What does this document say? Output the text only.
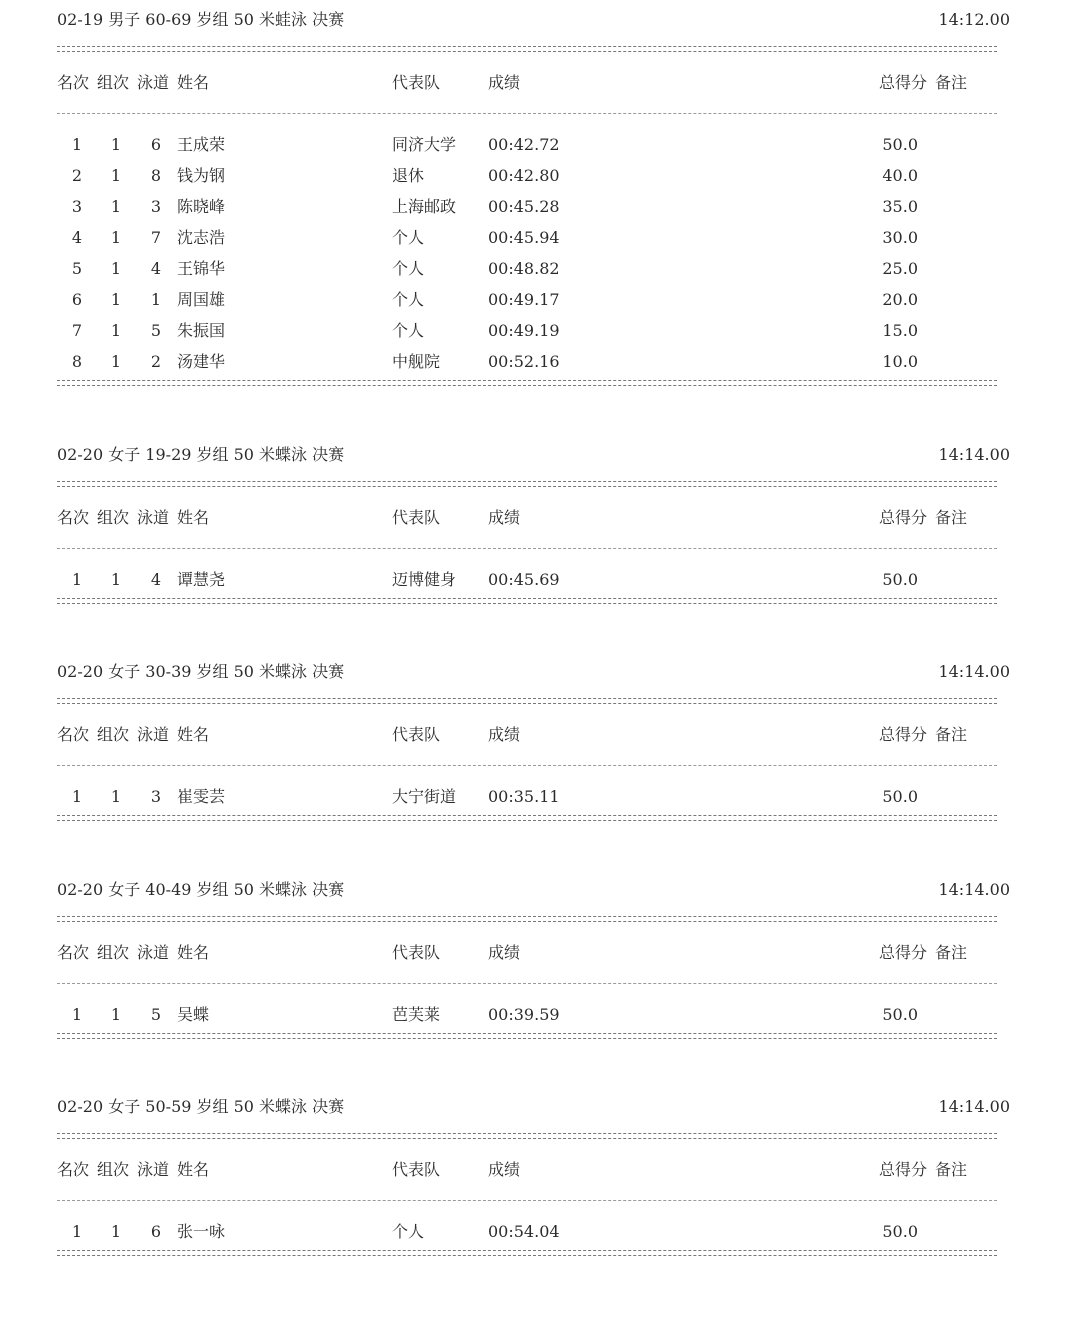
02-19 男子 60-69 岁组 50 米蛙泳 决赛	14:12.00
名次 组次 泳道 姓名	代表队	成绩	总得分 备注
1	1	6 王成荣	同济大学 00:42.72	50.0
2	1	8 钱为钢	退休	00:42.80	40.0
3	1	3 陈晓峰	上海邮政 00:45.28	35.0
4	1	7 沈志浩	个人	00:45.94	30.0
5	1	4 王锦华	个人	00:48.82	25.0
6	1	1 周国雄	个人	00:49.17	20.0
7	1	5 朱振国	个人	00:49.19	15.0
8	1	2 汤建华	中舰院	00:52.16	10.0
02-20 女子 19-29 岁组 50 米蝶泳 决赛	14:14.00
名次 组次 泳道 姓名	代表队	成绩	总得分 备注
1	1	4 谭慧尧	迈博健身 00:45.69	50.0
02-20 女子 30-39 岁组 50 米蝶泳 决赛	14:14.00
名次 组次 泳道 姓名	代表队	成绩	总得分 备注
1	1	3 崔雯芸	大宁街道 00:35.11	50.0
02-20 女子 40-49 岁组 50 米蝶泳 决赛	14:14.00
名次 组次 泳道 姓名	代表队	成绩	总得分 备注
1	1	5 吴蝶	芭芙莱	00:39.59	50.0
02-20 女子 50-59 岁组 50 米蝶泳 决赛	14:14.00
名次 组次 泳道 姓名	代表队	成绩	总得分 备注
1	1	6 张一咏	个人	00:54.04	50.0
